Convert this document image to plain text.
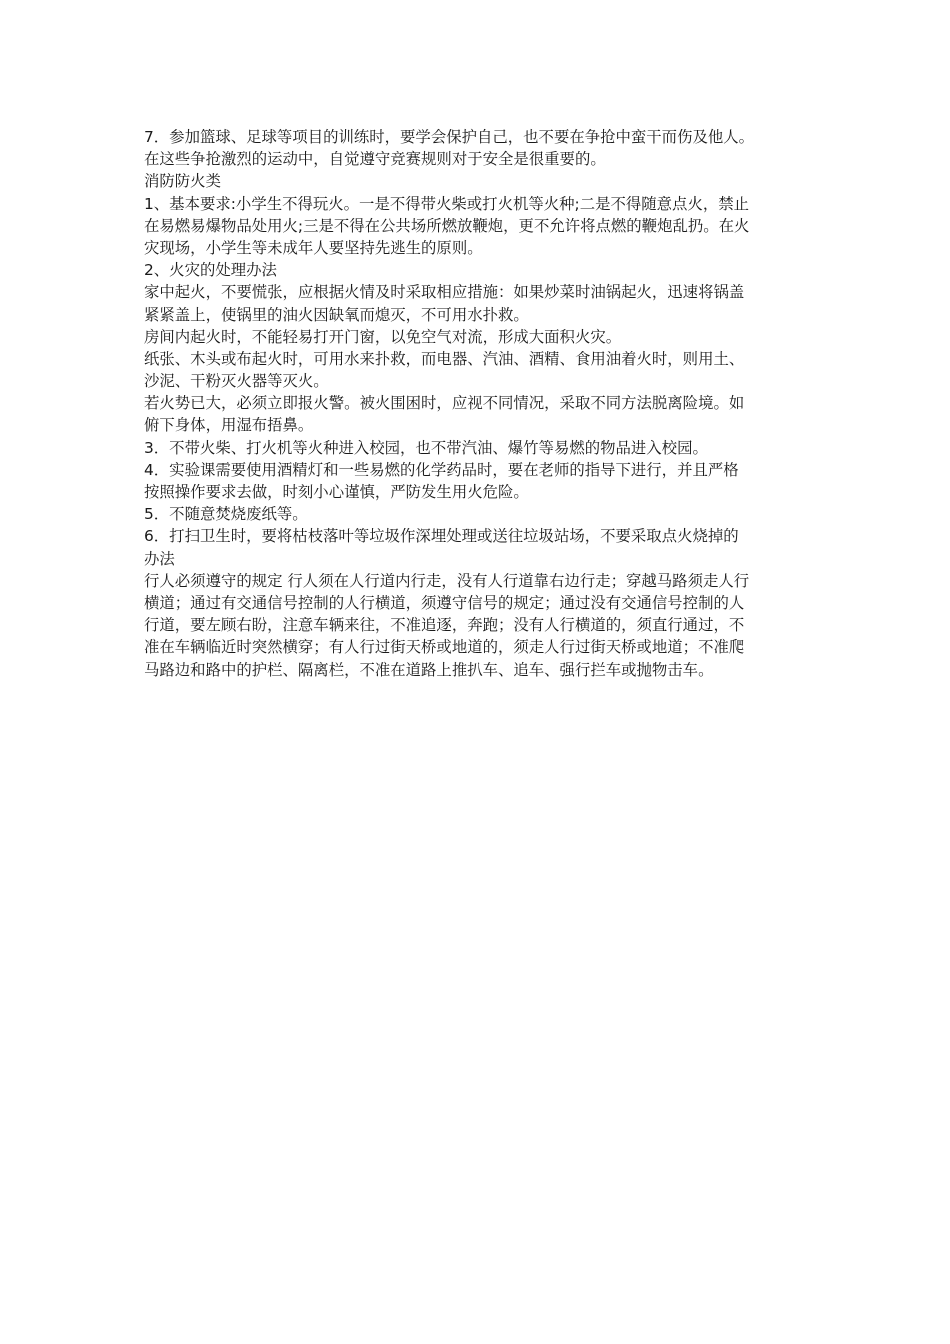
7．参加篮球、足球等项目的训练时，要学会保护自己，也不要在争抢中蛮干而伤及他人。
在这些争抢激烈的运动中，自觉遵守竞赛规则对于安全是很重要的。
消防防火类
1、基本要求:小学生不得玩火。一是不得带火柴或打火机等火种;二是不得随意点火，禁止
在易燃易爆物品处用火;三是不得在公共场所燃放鞭炮，更不允许将点燃的鞭炮乱扔。在火
灾现场，小学生等未成年人要坚持先逃生的原则。
2、火灾的处理办法
家中起火，不要慌张，应根据火情及时采取相应措施：如果炒菜时油锅起火，迅速将锅盖
紧紧盖上，使锅里的油火因缺氧而熄灭，不可用水扑救。
房间内起火时，不能轻易打开门窗，以免空气对流，形成大面积火灾。
纸张、木头或布起火时，可用水来扑救，而电器、汽油、酒精、食用油着火时，则用土、
沙泥、干粉灭火器等灭火。
若火势已大，必须立即报火警。被火围困时，应视不同情况，采取不同方法脱离险境。如
俯下身体，用湿布捂鼻。
3．不带火柴、打火机等火种进入校园，也不带汽油、爆竹等易燃的物品进入校园。
4．实验课需要使用酒精灯和一些易燃的化学药品时，要在老师的指导下进行，并且严格
按照操作要求去做，时刻小心谨慎，严防发生用火危险。
5．不随意焚烧废纸等。
6．打扫卫生时，要将枯枝落叶等垃圾作深埋处理或送往垃圾站场，不要采取点火烧掉的
办法
行人必须遵守的规定 行人须在人行道内行走，没有人行道靠右边行走；穿越马路须走人行
横道；通过有交通信号控制的人行横道，须遵守信号的规定；通过没有交通信号控制的人
行道，要左顾右盼，注意车辆来往，不准追逐，奔跑；没有人行横道的，须直行通过，不
准在车辆临近时突然横穿；有人行过街天桥或地道的，须走人行过街天桥或地道；不准爬
马路边和路中的护栏、隔离栏，不准在道路上推扒车、追车、强行拦车或抛物击车。
